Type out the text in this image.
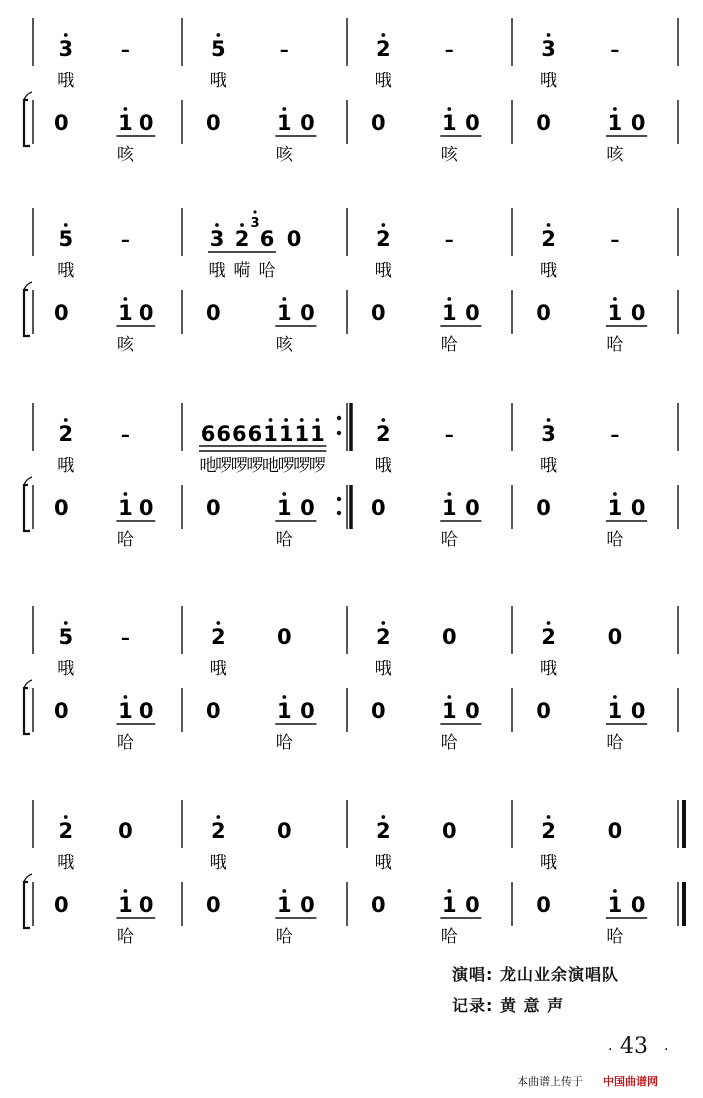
3	–
哦
0 1 0
咳
5	–
哦
0	1 0
咳
2	–
哦
0	1 0
咳
3	–
哦
0	1 0
咳
5	–
哦
0 1 0
咳
3 2 6 0
3
哦 嗬 哈
0	1 0
咳
2	–
哦
0	1 0
哈
2	–
哦
0	1 0
哈
2	–
哦
0 1 0
哈
6 6 6 6 1 1 1 1
吔
啰
啰
啰
吔
啰
啰
啰
0	1 0
哈
2	–
哦
0	1 0
哈
3	–
哦
0	1 0
哈
5	–
哦
0 1 0
哈
2 0
哦
0	1 0
哈
2 0
哦
0	1 0
哈
2 0
哦
0	1 0
哈
2 0
哦
0 1 0
哈
2 0
哦
0	1 0
哈
2 0
哦
0	1 0
哈
2 0
哦
0	1 0
哈
·	·
演唱: 龙山业余演唱队
记录: 黄 意 声
43
本曲谱上传于 中国曲谱网
